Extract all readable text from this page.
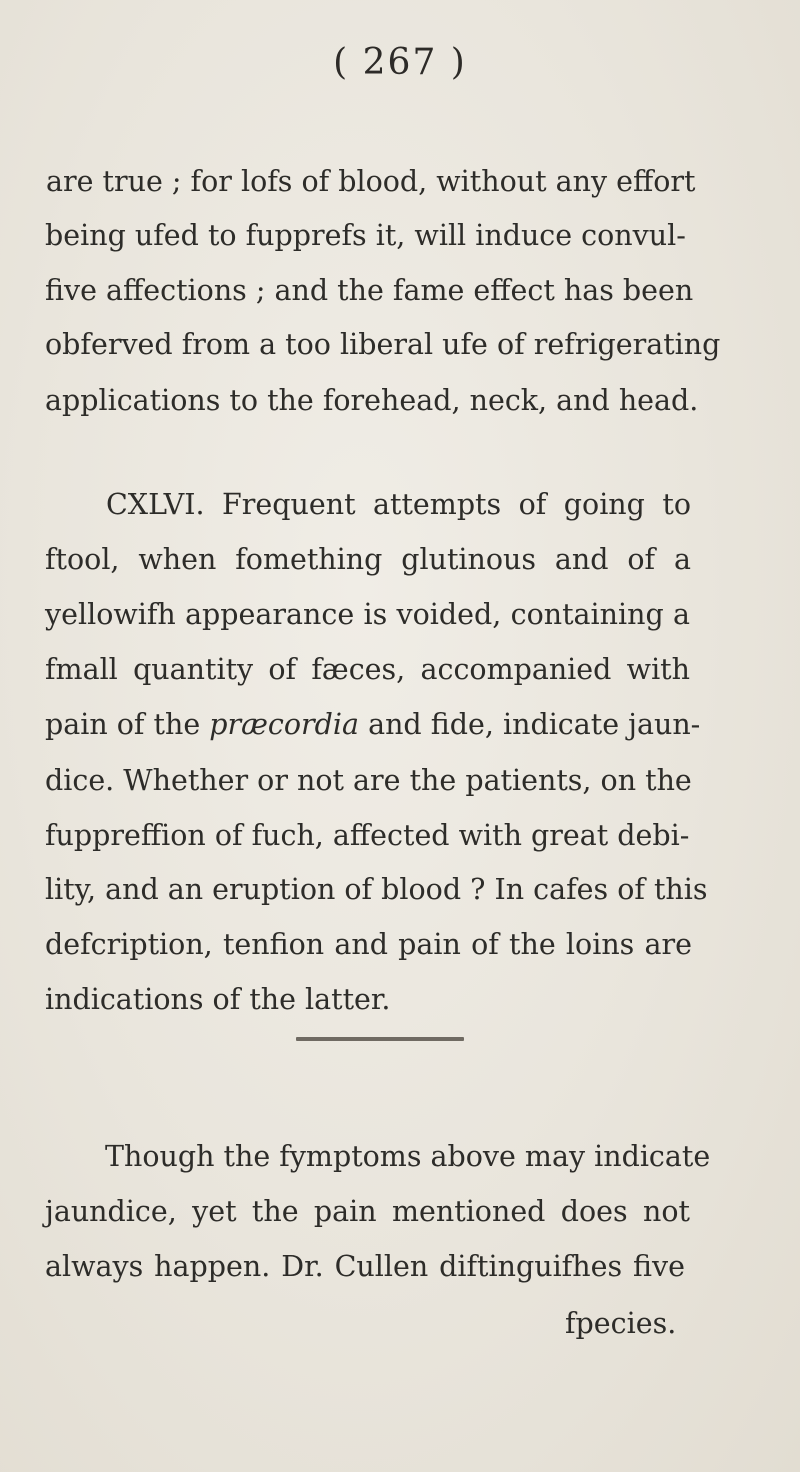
( 267 )
are true ; for lofs of blood, without any effort
being ufed to fupprefs it, will induce convul-
five affections ; and the fame effect has been
obferved from a too liberal ufe of refrigerating
applications to the forehead, neck, and head.
CXLVI. Frequent attempts of going to
ftool, when fomething glutinous and of a
yellowifh appearance is voided, containing a
fmall quantity of fæces, accompanied with
pain of the præcordia and fide, indicate jaun-
dice. Whether or not are the patients, on the
fuppreffion of fuch, affected with great debi-
lity, and an eruption of blood ? In cafes of this
defcription, tenfion and pain of the loins are
indications of the latter.
Though the fymptoms above may indicate
jaundice, yet the pain mentioned does not
always happen. Dr. Cullen diftinguifhes five
fpecies.
